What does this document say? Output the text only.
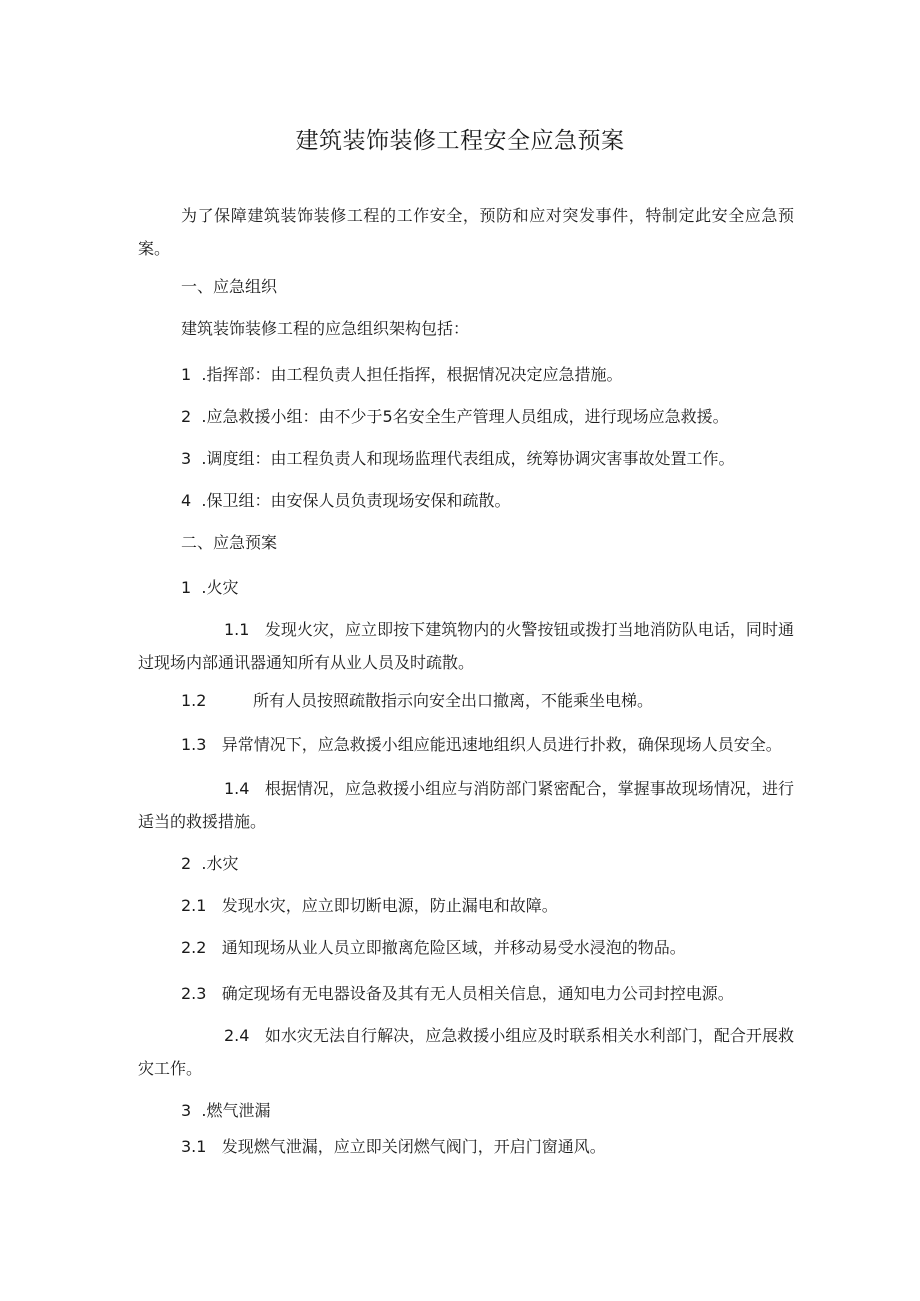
建筑装饰装修工程安全应急预案
为了保障建筑装饰装修工程的工作安全，预防和应对突发事件，特制定此安全应急预案。
一、应急组织
建筑装饰装修工程的应急组织架构包括：
1 .指挥部：由工程负责人担任指挥，根据情况决定应急措施。
2 .应急救援小组：由不少于5名安全生产管理人员组成，进行现场应急救援。
3 .调度组：由工程负责人和现场监理代表组成，统筹协调灾害事故处置工作。
4 .保卫组：由安保人员负责现场安保和疏散。
二、应急预案
1 .火灾
1.1 发现火灾，应立即按下建筑物内的火警按钮或拨打当地消防队电话，同时通过现场内部通讯器通知所有从业人员及时疏散。
1.2	所有人员按照疏散指示向安全出口撤离，不能乘坐电梯。
1.3 异常情况下，应急救援小组应能迅速地组织人员进行扑救，确保现场人员安全。
1.4 根据情况，应急救援小组应与消防部门紧密配合，掌握事故现场情况，进行适当的救援措施。
2 .水灾
2.1 发现水灾，应立即切断电源，防止漏电和故障。
2.2 通知现场从业人员立即撤离危险区域，并移动易受水浸泡的物品。
2.3 确定现场有无电器设备及其有无人员相关信息，通知电力公司封控电源。
2.4 如水灾无法自行解决，应急救援小组应及时联系相关水利部门，配合开展救灾工作。
3 .燃气泄漏
3.1 发现燃气泄漏，应立即关闭燃气阀门，开启门窗通风。
